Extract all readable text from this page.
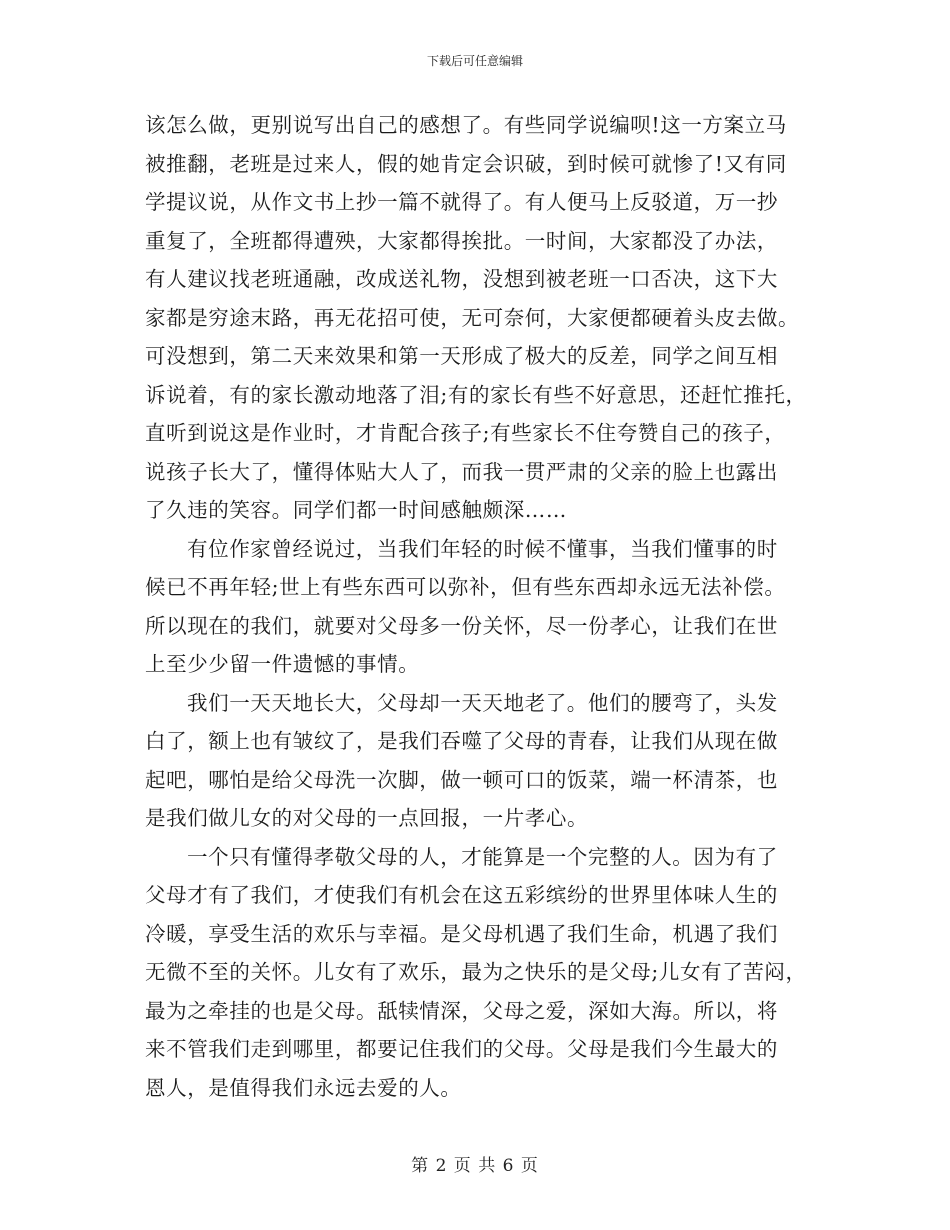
下载后可任意编辑
该怎么做，更别说写出自己的感想了。有些同学说编呗!这一方案立马
被推翻，老班是过来人，假的她肯定会识破，到时候可就惨了!又有同
学提议说，从作文书上抄一篇不就得了。有人便马上反驳道，万一抄
重复了，全班都得遭殃，大家都得挨批。一时间，大家都没了办法，
有人建议找老班通融，改成送礼物，没想到被老班一口否决，这下大
家都是穷途末路，再无花招可使，无可奈何，大家便都硬着头皮去做。
可没想到，第二天来效果和第一天形成了极大的反差，同学之间互相
诉说着，有的家长激动地落了泪;有的家长有些不好意思，还赶忙推托，
直听到说这是作业时，才肯配合孩子;有些家长不住夸赞自己的孩子，
说孩子长大了，懂得体贴大人了，而我一贯严肃的父亲的脸上也露出
了久违的笑容。同学们都一时间感触颇深……
有位作家曾经说过，当我们年轻的时候不懂事，当我们懂事的时
候已不再年轻;世上有些东西可以弥补，但有些东西却永远无法补偿。
所以现在的我们，就要对父母多一份关怀，尽一份孝心，让我们在世
上至少少留一件遗憾的事情。
我们一天天地长大，父母却一天天地老了。他们的腰弯了，头发
白了，额上也有皱纹了，是我们吞噬了父母的青春，让我们从现在做
起吧，哪怕是给父母洗一次脚，做一顿可口的饭菜，端一杯清茶，也
是我们做儿女的对父母的一点回报，一片孝心。
一个只有懂得孝敬父母的人，才能算是一个完整的人。因为有了
父母才有了我们，才使我们有机会在这五彩缤纷的世界里体味人生的
冷暖，享受生活的欢乐与幸福。是父母机遇了我们生命，机遇了我们
无微不至的关怀。儿女有了欢乐，最为之快乐的是父母;儿女有了苦闷，
最为之牵挂的也是父母。舐犊情深，父母之爱，深如大海。所以，将
来不管我们走到哪里，都要记住我们的父母。父母是我们今生最大的
恩人，是值得我们永远去爱的人。
第 2 页 共 6 页
